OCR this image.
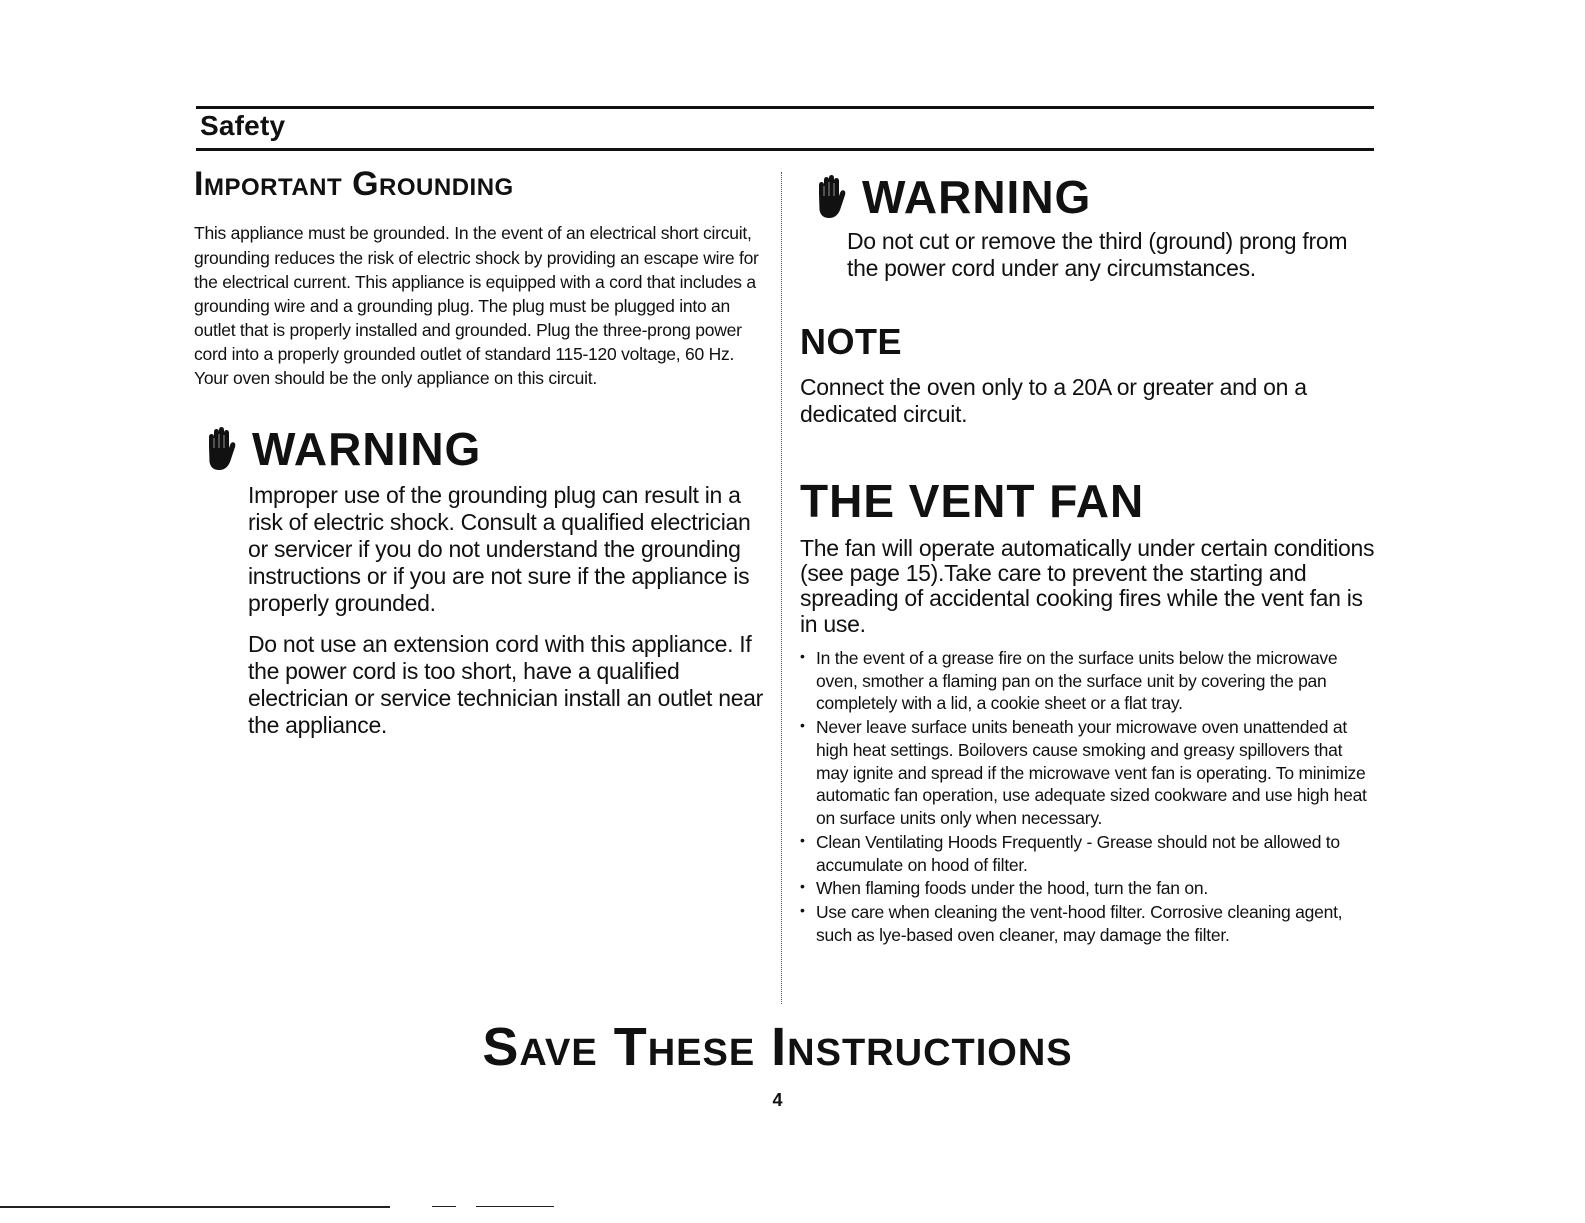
Safety
Important Grounding

This appliance must be grounded. In the event of an electrical short circuit, grounding reduces the risk of electric shock by providing an escape wire for the electrical current. This appliance is equipped with a cord that includes a grounding wire and a grounding plug. The plug must be plugged into an outlet that is properly installed and grounded. Plug the three-prong power cord into a properly grounded outlet of standard 115-120 voltage, 60 Hz. Your oven should be the only appliance on this circuit.

WARNING

Improper use of the grounding plug can result in a risk of electric shock. Consult a qualified electrician or servicer if you do not understand the grounding instructions or if you are not sure if the appliance is properly grounded.

Do not use an extension cord with this appliance. If the power cord is too short, have a qualified electrician or service technician install an outlet near the appliance.

WARNING

Do not cut or remove the third (ground) prong from the power cord under any circumstances.

NOTE

Connect the oven only to a 20A or greater and on a dedicated circuit.

THE VENT FAN

The fan will operate automatically under certain conditions (see page 15).Take care to prevent the starting and spreading of accidental cooking fires while the vent fan is in use.

• In the event of a grease fire on the surface units below the microwave oven, smother a flaming pan on the surface unit by covering the pan completely with a lid, a cookie sheet or a flat tray.
• Never leave surface units beneath your microwave oven unattended at high heat settings. Boilovers cause smoking and greasy spillovers that may ignite and spread if the microwave vent fan is operating. To minimize automatic fan operation, use adequate sized cookware and use high heat on surface units only when necessary.
• Clean Ventilating Hoods Frequently - Grease should not be allowed to accumulate on hood of filter.
• When flaming foods under the hood, turn the fan on.
• Use care when cleaning the vent-hood filter. Corrosive cleaning agent, such as lye-based oven cleaner, may damage the filter.
Save These Instructions
4
